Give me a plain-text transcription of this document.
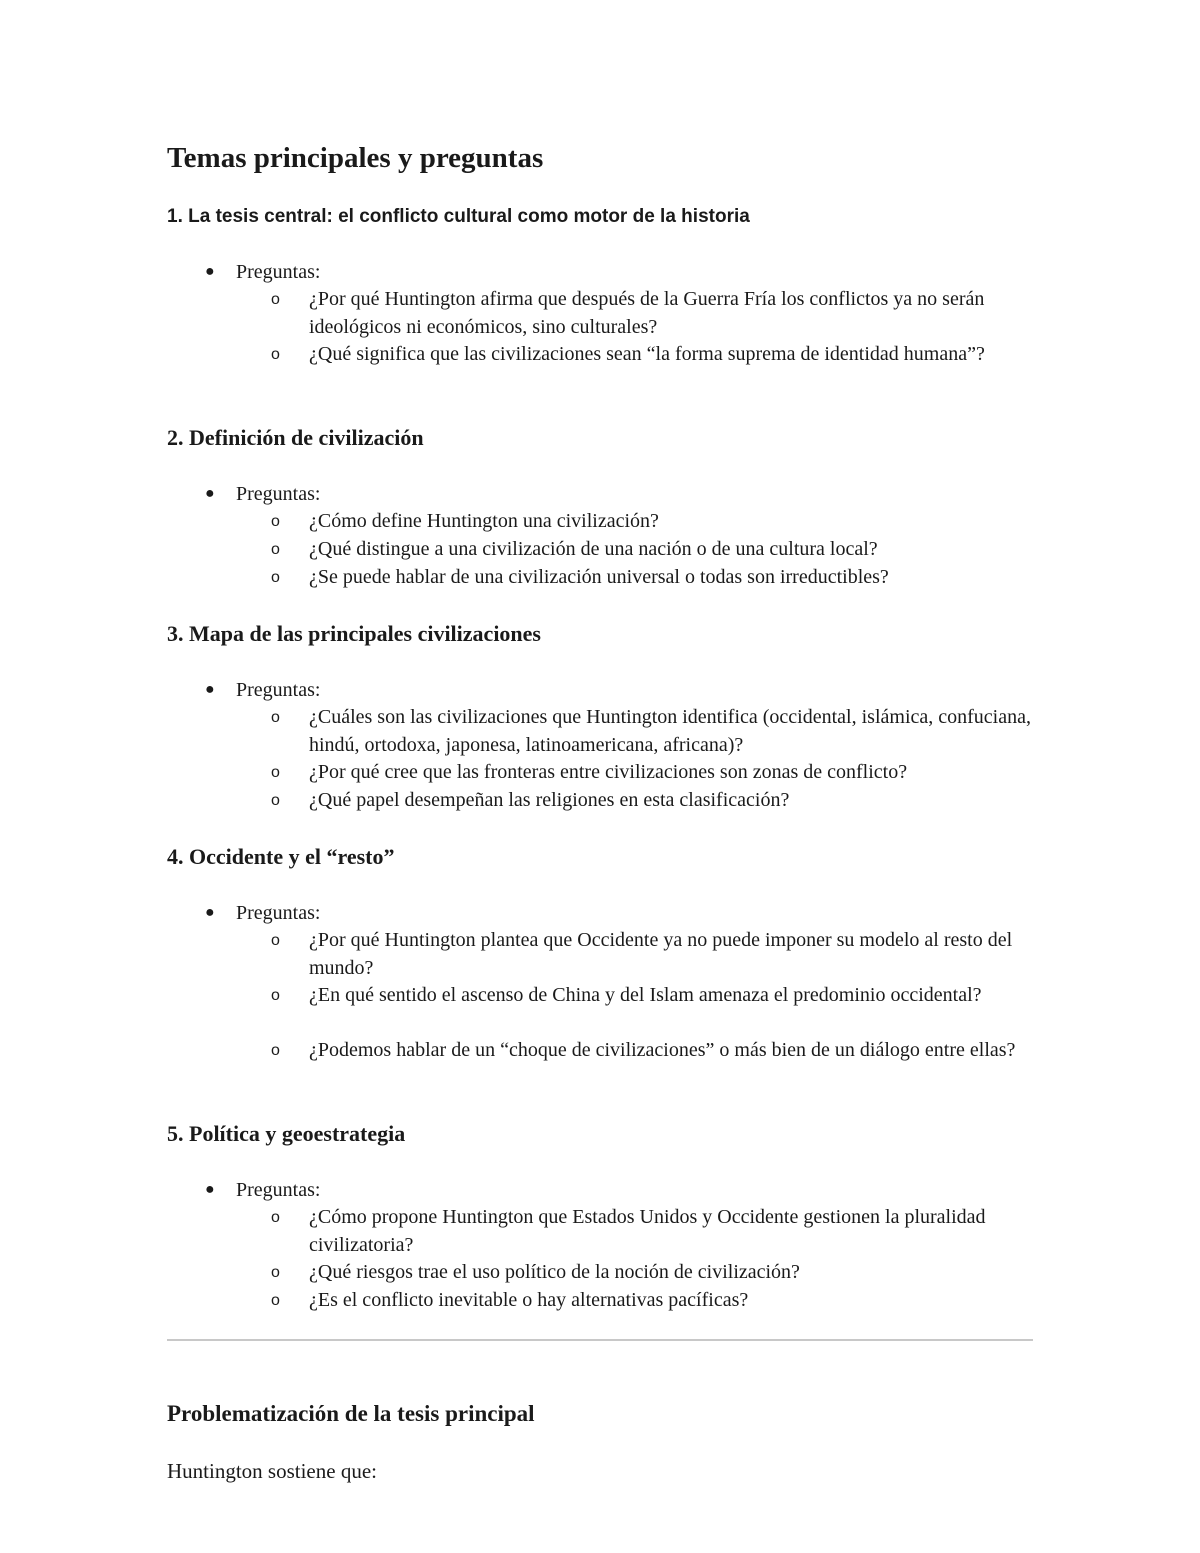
Temas principales y preguntas
1. La tesis central: el conflicto cultural como motor de la historia
● Preguntas:
o ¿Por qué Huntington afirma que después de la Guerra Fría los conflictos ya no serán ideológicos ni económicos, sino culturales?
o ¿Qué significa que las civilizaciones sean “la forma suprema de identidad humana”?
2. Definición de civilización
● Preguntas:
o ¿Cómo define Huntington una civilización?
o ¿Qué distingue a una civilización de una nación o de una cultura local?
o ¿Se puede hablar de una civilización universal o todas son irreductibles?
3. Mapa de las principales civilizaciones
● Preguntas:
o ¿Cuáles son las civilizaciones que Huntington identifica (occidental, islámica, confuciana, hindú, ortodoxa, japonesa, latinoamericana, africana)?
o ¿Por qué cree que las fronteras entre civilizaciones son zonas de conflicto?
o ¿Qué papel desempeñan las religiones en esta clasificación?
4. Occidente y el “resto”
● Preguntas:
o ¿Por qué Huntington plantea que Occidente ya no puede imponer su modelo al resto del mundo?
o ¿En qué sentido el ascenso de China y del Islam amenaza el predominio occidental?
o ¿Podemos hablar de un “choque de civilizaciones” o más bien de un diálogo entre ellas?
5. Política y geoestrategia
● Preguntas:
o ¿Cómo propone Huntington que Estados Unidos y Occidente gestionen la pluralidad civilizatoria?
o ¿Qué riesgos trae el uso político de la noción de civilización?
o ¿Es el conflicto inevitable o hay alternativas pacíficas?
Problematización de la tesis principal
Huntington sostiene que:
